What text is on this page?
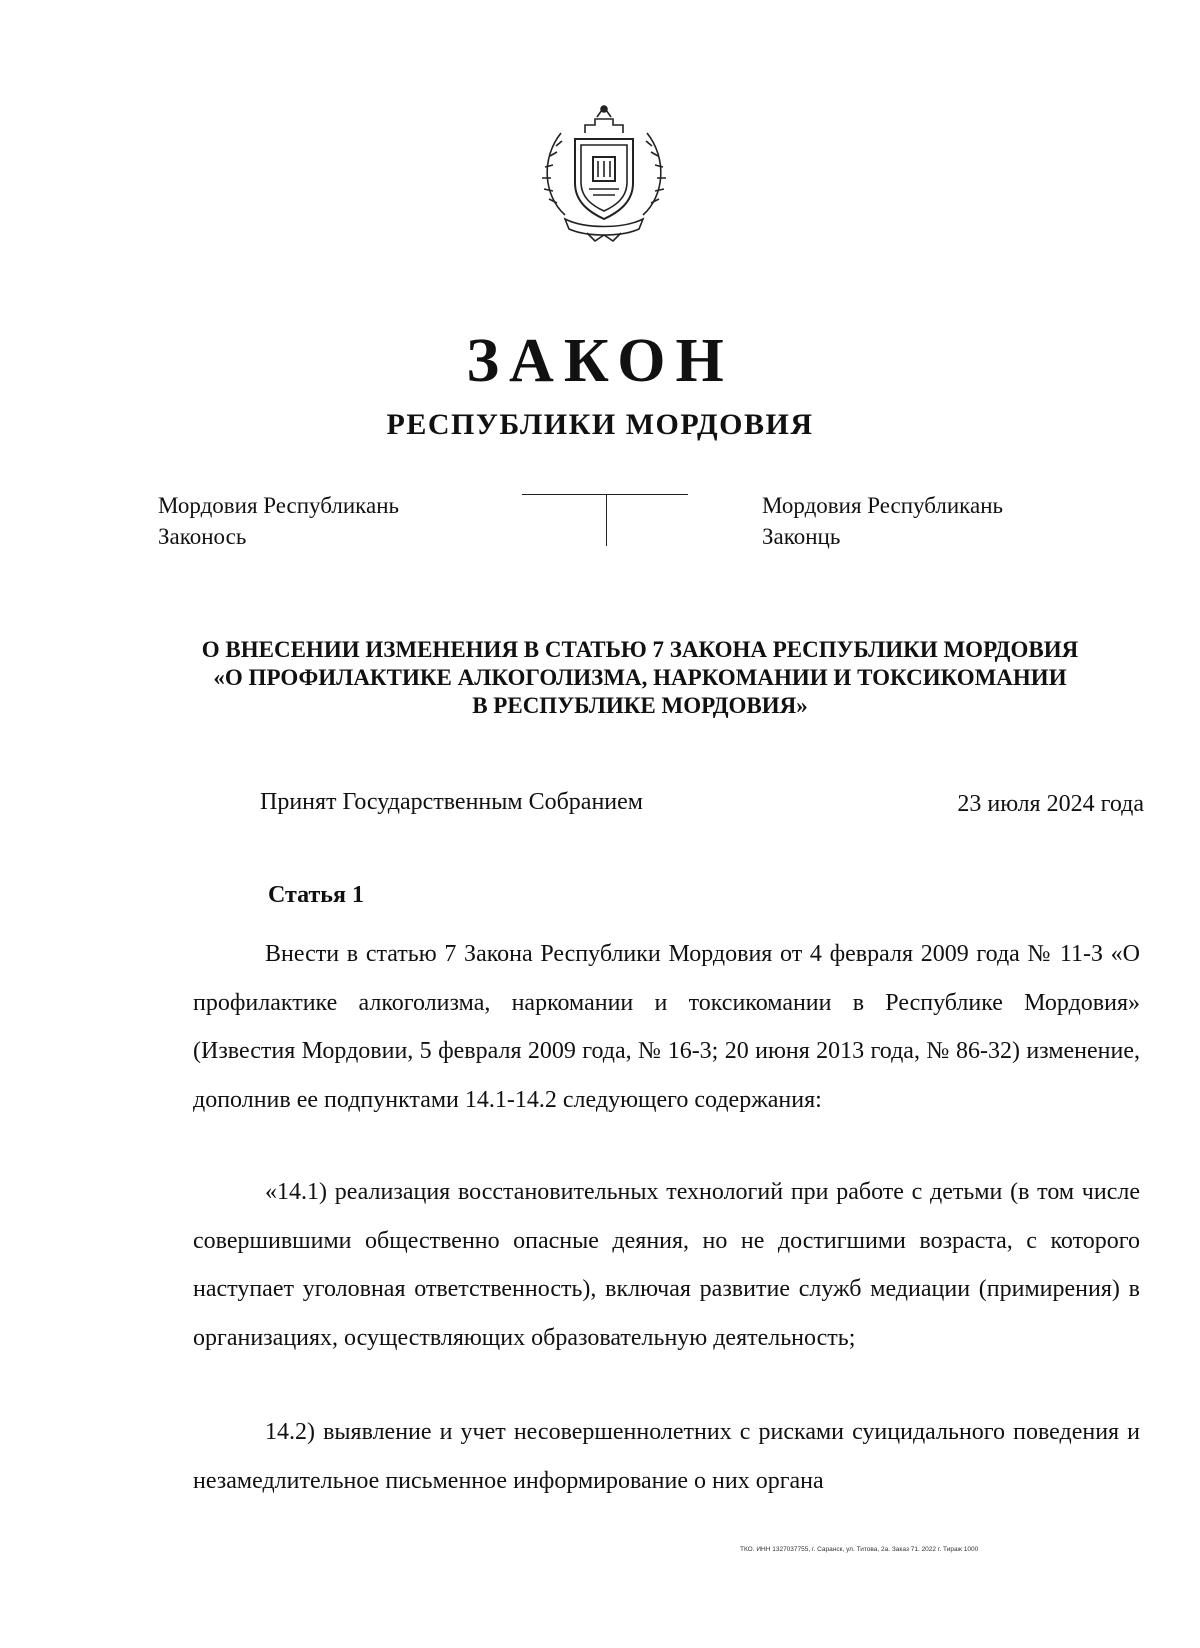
ЗАКОН
РЕСПУБЛИКИ МОРДОВИЯ
Мордовия Республикань
Законось
Мордовия Республикань
Законць
О ВНЕСЕНИИ ИЗМЕНЕНИЯ В СТАТЬЮ 7 ЗАКОНА РЕСПУБЛИКИ МОРДОВИЯ
«О ПРОФИЛАКТИКЕ АЛКОГОЛИЗМА, НАРКОМАНИИ И ТОКСИКОМАНИИ
В РЕСПУБЛИКЕ МОРДОВИЯ»
Принят Государственным Собранием	23 июля 2024 года
Статья 1
Внести в статью 7 Закона Республики Мордовия от 4 февраля 2009 года № 11-З «О профилактике алкоголизма, наркомании и токсикомании в Республике Мордовия» (Известия Мордовии, 5 февраля 2009 года, № 16-3; 20 июня 2013 года, № 86-32) изменение, дополнив ее подпунктами 14.1-14.2 следующего содержания:
«14.1) реализация восстановительных технологий при работе с детьми (в том числе совершившими общественно опасные деяния, но не достигшими возраста, с которого наступает уголовная ответственность), включая развитие служб медиации (примирения) в организациях, осуществляющих образовательную деятельность;
14.2) выявление и учет несовершеннолетних с рисками суицидального поведения и незамедлительное письменное информирование о них органа
ТКО. ИНН 1327037755, г. Саранск, ул. Титова, 2а. Заказ 71. 2022 г. Тираж 1000
